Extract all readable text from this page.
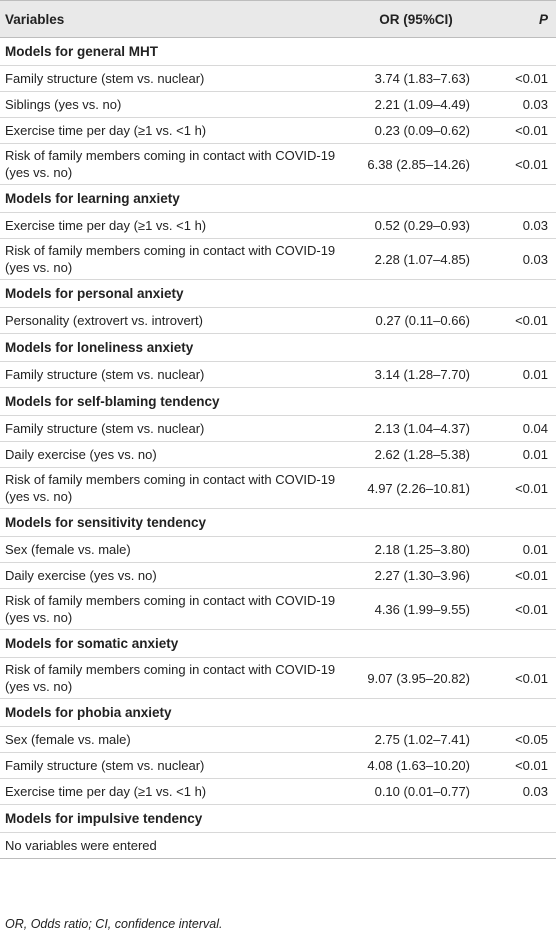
Variables	OR (95%CI)	P
Models for general MHT		
Family structure (stem vs. nuclear)	3.74 (1.83–7.63)	<0.01
Siblings (yes vs. no)	2.21 (1.09–4.49)	0.03
Exercise time per day (≥1 vs. <1 h)	0.23 (0.09–0.62)	<0.01
Risk of family members coming in contact with COVID-19 (yes vs. no)	6.38 (2.85–14.26)	<0.01
Models for learning anxiety		
Exercise time per day (≥1 vs. <1 h)	0.52 (0.29–0.93)	0.03
Risk of family members coming in contact with COVID-19 (yes vs. no)	2.28 (1.07–4.85)	0.03
Models for personal anxiety		
Personality (extrovert vs. introvert)	0.27 (0.11–0.66)	<0.01
Models for loneliness anxiety		
Family structure (stem vs. nuclear)	3.14 (1.28–7.70)	0.01
Models for self-blaming tendency		
Family structure (stem vs. nuclear)	2.13 (1.04–4.37)	0.04
Daily exercise (yes vs. no)	2.62 (1.28–5.38)	0.01
Risk of family members coming in contact with COVID-19 (yes vs. no)	4.97 (2.26–10.81)	<0.01
Models for sensitivity tendency		
Sex (female vs. male)	2.18 (1.25–3.80)	0.01
Daily exercise (yes vs. no)	2.27 (1.30–3.96)	<0.01
Risk of family members coming in contact with COVID-19 (yes vs. no)	4.36 (1.99–9.55)	<0.01
Models for somatic anxiety		
Risk of family members coming in contact with COVID-19 (yes vs. no)	9.07 (3.95–20.82)	<0.01
Models for phobia anxiety		
Sex (female vs. male)	2.75 (1.02–7.41)	<0.05
Family structure (stem vs. nuclear)	4.08 (1.63–10.20)	<0.01
Exercise time per day (≥1 vs. <1 h)	0.10 (0.01–0.77)	0.03
Models for impulsive tendency		
No variables were entered		
OR, Odds ratio; CI, confidence interval.
